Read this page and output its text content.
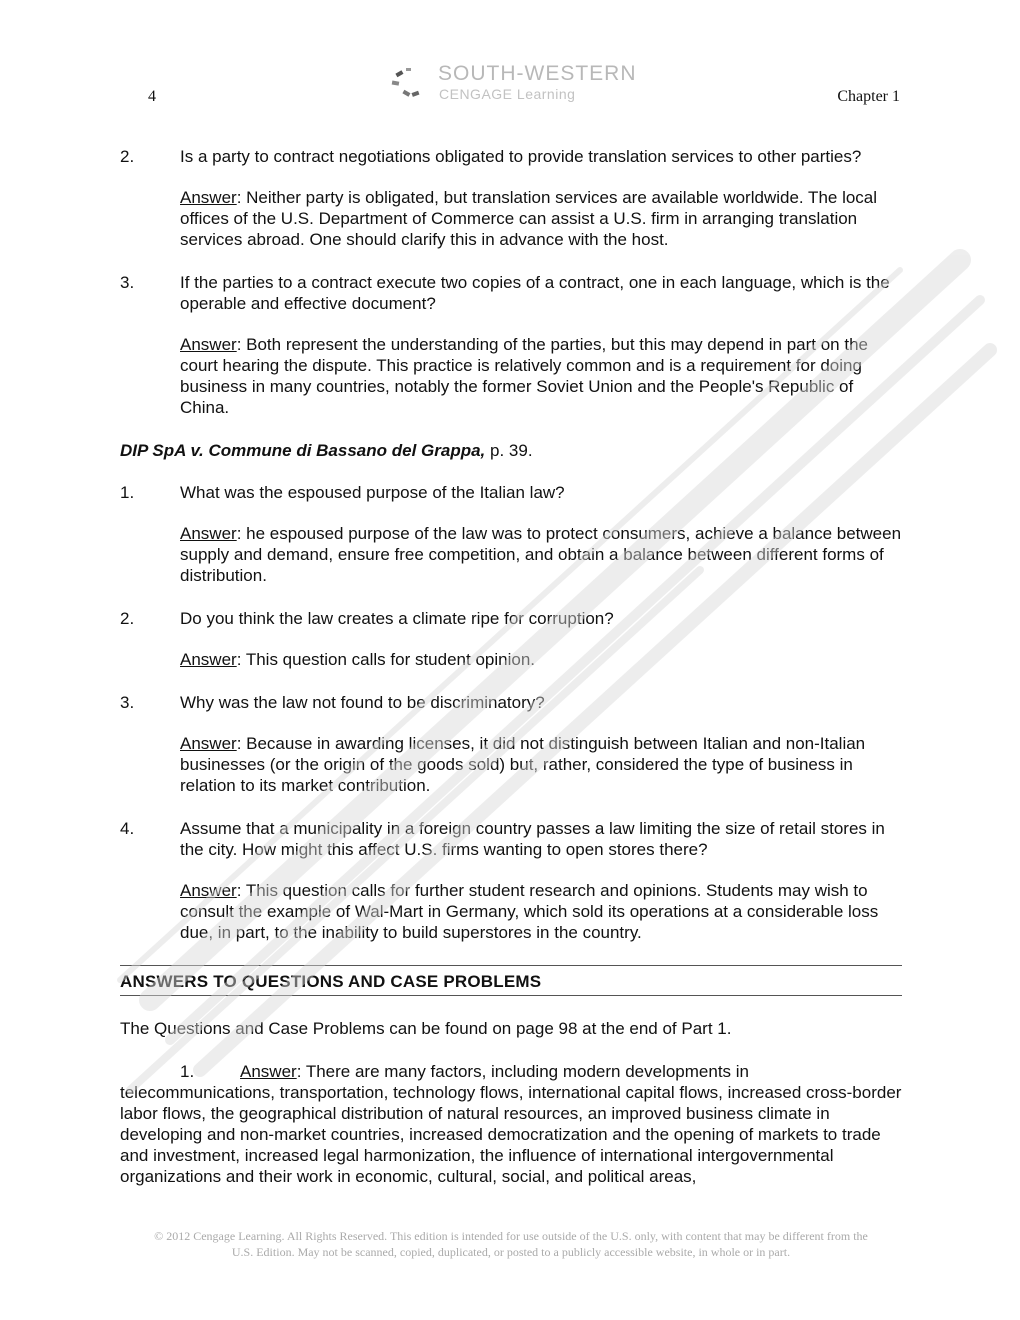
4
SOUTH-WESTERN
CENGAGE Learning	Chapter 1
2.	Is a party to contract negotiations obligated to provide translation services to other parties?
Answer: Neither party is obligated, but translation services are available worldwide. The local offices of the U.S. Department of Commerce can assist a U.S. firm in arranging translation services abroad. One should clarify this in advance with the host.
3.	If the parties to a contract execute two copies of a contract, one in each language, which is the operable and effective document?
Answer: Both represent the understanding of the parties, but this may depend in part on the court hearing the dispute. This practice is relatively common and is a requirement for doing business in many countries, notably the former Soviet Union and the People's Republic of China.
DIP SpA v. Commune di Bassano del Grappa, p. 39.
1.	What was the espoused purpose of the Italian law?
Answer: he espoused purpose of the law was to protect consumers, achieve a balance between supply and demand, ensure free competition, and obtain a balance between different forms of distribution.
2.	Do you think the law creates a climate ripe for corruption?
Answer: This question calls for student opinion.
3.	Why was the law not found to be discriminatory?
Answer: Because in awarding licenses, it did not distinguish between Italian and non-Italian businesses (or the origin of the goods sold) but, rather, considered the type of business in relation to its market contribution.
4.	Assume that a municipality in a foreign country passes a law limiting the size of retail stores in the city. How might this affect U.S. firms wanting to open stores there?
Answer: This question calls for further student research and opinions. Students may wish to consult the example of Wal-Mart in Germany, which sold its operations at a considerable loss due, in part, to the inability to build superstores in the country.
ANSWERS TO QUESTIONS AND CASE PROBLEMS
The Questions and Case Problems can be found on page 98 at the end of Part 1.

1.	Answer: There are many factors, including modern developments in telecommunications, transportation, technology flows, international capital flows, increased cross-border labor flows, the geographical distribution of natural resources, an improved business climate in developing and non-market countries, increased democratization and the opening of markets to trade and investment, increased legal harmonization, the influence of international intergovernmental organizations and their work in economic, cultural, social, and political areas,

© 2012 Cengage Learning. All Rights Reserved. This edition is intended for use outside of the U.S. only, with content that may be different from the
U.S. Edition. May not be scanned, copied, duplicated, or posted to a publicly accessible website, in whole or in part.
